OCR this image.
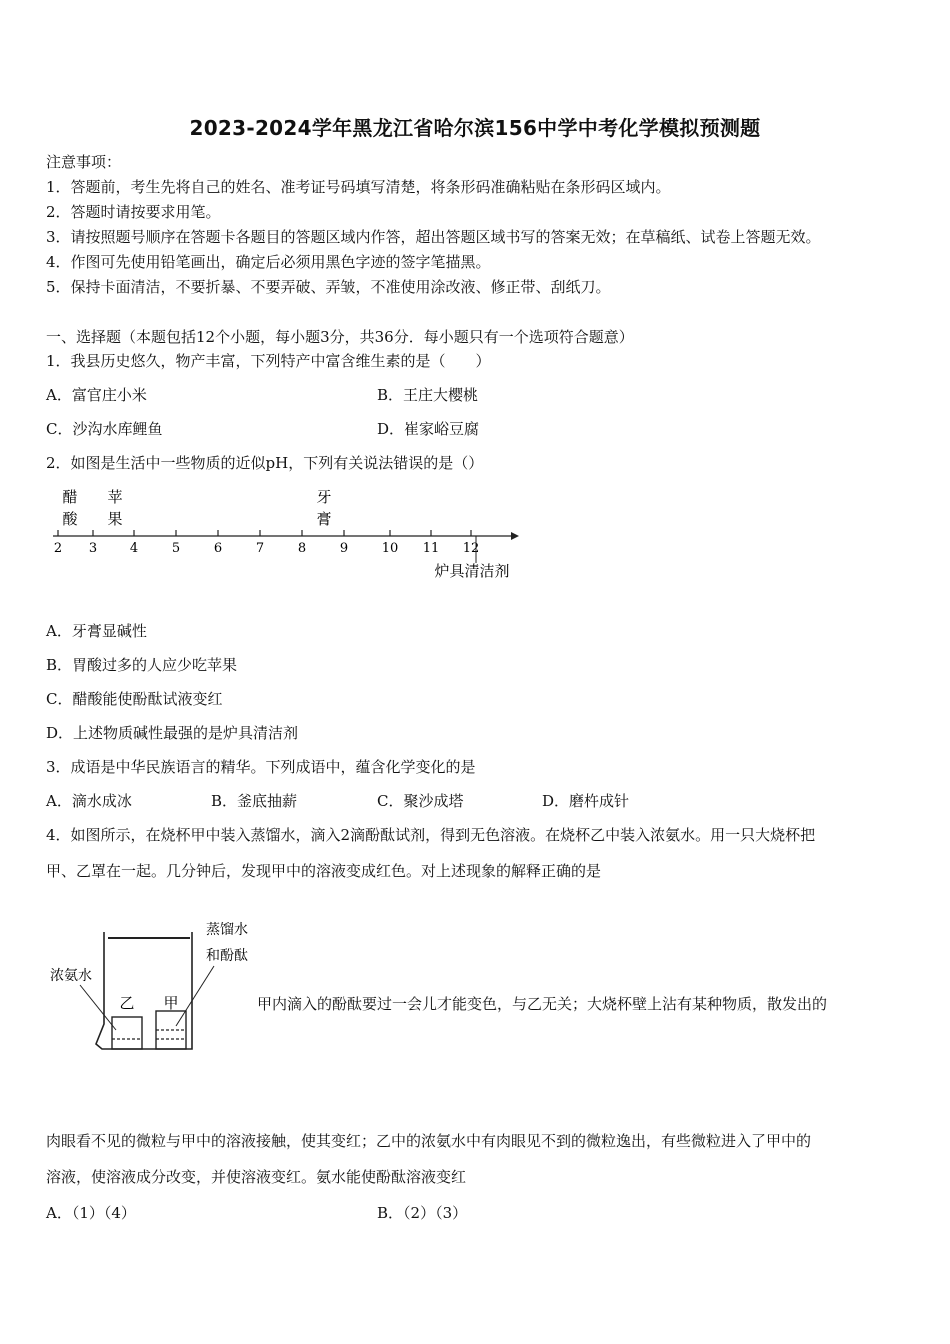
2023-2024学年黑龙江省哈尔滨156中学中考化学模拟预测题
注意事项：
1．答题前，考生先将自己的姓名、准考证号码填写清楚，将条形码准确粘贴在条形码区域内。
2．答题时请按要求用笔。
3．请按照题号顺序在答题卡各题目的答题区域内作答，超出答题区域书写的答案无效；在草稿纸、试卷上答题无效。
4．作图可先使用铅笔画出，确定后必须用黑色字迹的签字笔描黑。
5．保持卡面清洁，不要折暴、不要弄破、弄皱，不准使用涂改液、修正带、刮纸刀。
一、选择题（本题包括12个小题，每小题3分，共36分．每小题只有一个选项符合题意）
1．我县历史悠久，物产丰富，下列特产中富含维生素的是（　　）
A．富官庄小米	B．王庄大樱桃
C．沙沟水库鲤鱼	D．崔家峪豆腐
2．如图是生活中一些物质的近似pH，下列有关说法错误的是（）
2 3	4	5	6	7	8	9	10 11 12
醋
酸
苹
果
牙
膏
炉具清洁剂
A．牙膏显碱性
B．胃酸过多的人应少吃苹果
C．醋酸能使酚酞试液变红
D．上述物质碱性最强的是炉具清洁剂
3．成语是中华民族语言的精华。下列成语中，蕴含化学变化的是
A．滴水成冰	B．釜底抽薪	C．聚沙成塔	D．磨杵成针
4．如图所示，在烧杯甲中装入蒸馏水，滴入2滴酚酞试剂，得到无色溶液。在烧杯乙中装入浓氨水。用一只大烧杯把
甲、乙罩在一起。几分钟后，发现甲中的溶液变成红色。对上述现象的解释正确的是
乙 甲
浓氨水
蒸馏水
和酚酞
甲内滴入的酚酞要过一会儿才能变色，与乙无关；大烧杯壁上沾有某种物质，散发出的
肉眼看不见的微粒与甲中的溶液接触，使其变红；乙中的浓氨水中有肉眼见不到的微粒逸出，有些微粒进入了甲中的
溶液，使溶液成分改变，并使溶液变红。氨水能使酚酞溶液变红
A．（1）（4）	B．（2）（3）
